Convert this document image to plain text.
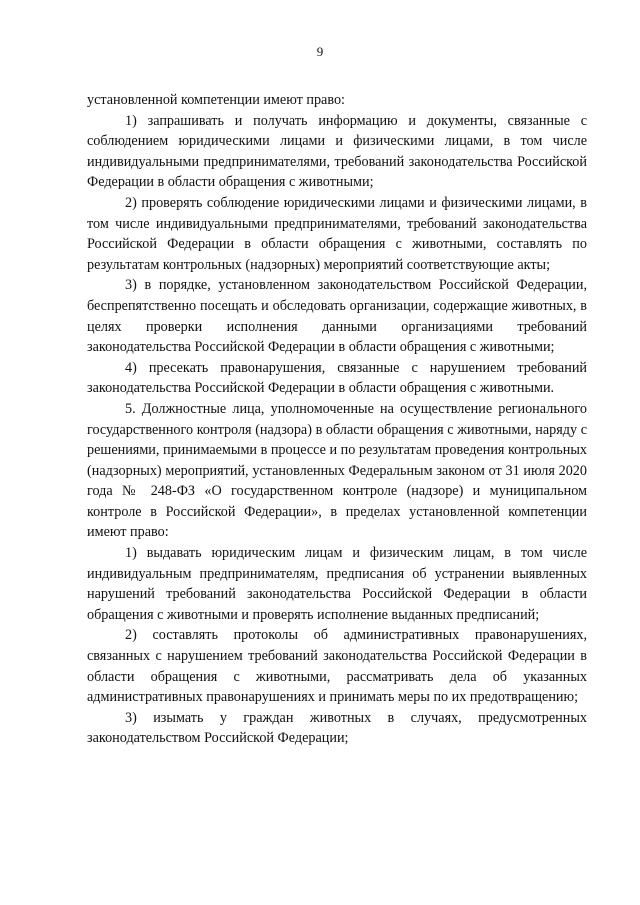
9

установленной компетенции имеют право:

1) запрашивать и получать информацию и документы, связанные с соблюдением юридическими лицами и физическими лицами, в том числе индивидуальными предпринимателями, требований законодательства Российской Федерации в области обращения с животными;

2) проверять соблюдение юридическими лицами и физическими лицами, в том числе индивидуальными предпринимателями, требований законодательства Российской Федерации в области обращения с животными, составлять по результатам контрольных (надзорных) мероприятий соответствующие акты;

3) в порядке, установленном законодательством Российской Федерации, беспрепятственно посещать и обследовать организации, содержащие животных, в целях проверки исполнения данными организациями требований законодательства Российской Федерации в области обращения с животными;

4) пресекать правонарушения, связанные с нарушением требований законодательства Российской Федерации в области обращения с животными.

5. Должностные лица, уполномоченные на осуществление регионального государственного контроля (надзора) в области обращения с животными, наряду с решениями, принимаемыми в процессе и по результатам проведения контрольных (надзорных) мероприятий, установленных Федеральным законом от 31 июля 2020 года № 248-ФЗ «О государственном контроле (надзоре) и муниципальном контроле в Российской Федерации», в пределах установленной компетенции имеют право:

1) выдавать юридическим лицам и физическим лицам, в том числе индивидуальным предпринимателям, предписания об устранении выявленных нарушений требований законодательства Российской Федерации в области обращения с животными и проверять исполнение выданных предписаний;

2) составлять протоколы об административных правонарушениях, связанных с нарушением требований законодательства Российской Федерации в области обращения с животными, рассматривать дела об указанных административных правонарушениях и принимать меры по их предотвращению;

3) изымать у граждан животных в случаях, предусмотренных законодательством Российской Федерации;
